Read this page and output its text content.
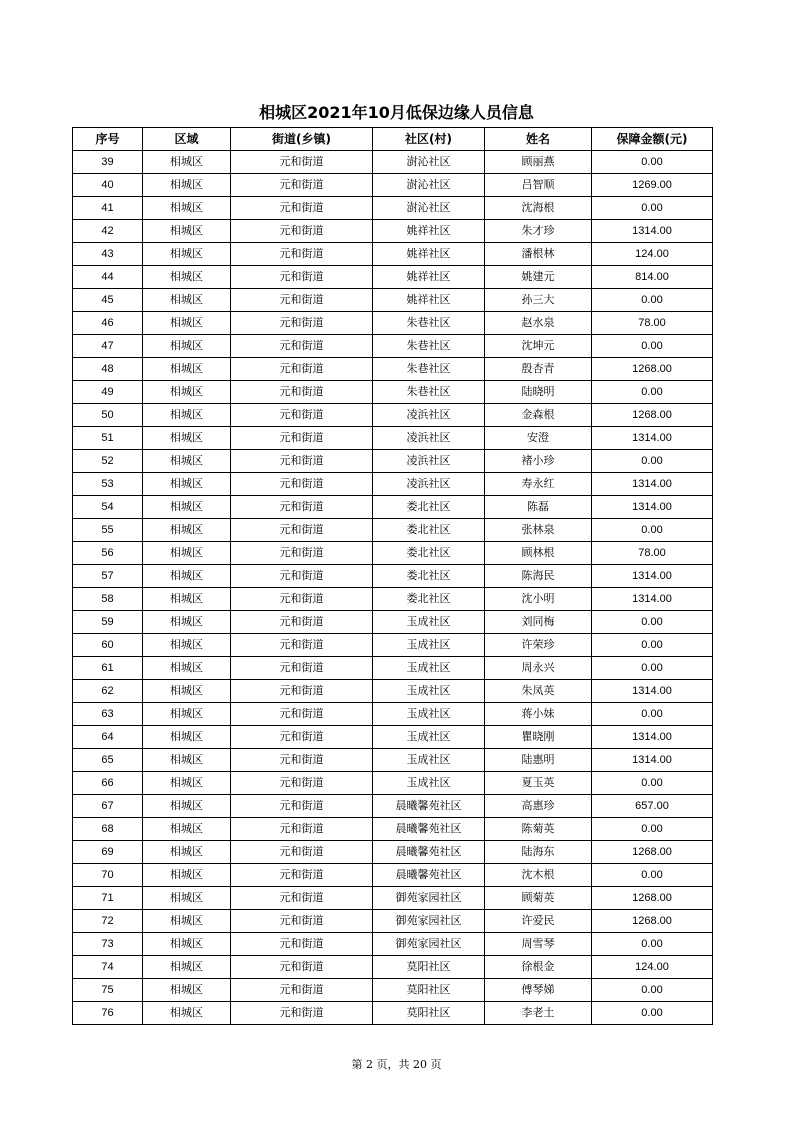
相城区2021年10月低保边缘人员信息
序号	区域	街道(乡镇)	社区(村)	姓名	保障金额(元)
39	相城区	元和街道	澍沁社区	顾丽燕	0.00
40	相城区	元和街道	澍沁社区	吕智顺	1269.00
41	相城区	元和街道	澍沁社区	沈海根	0.00
42	相城区	元和街道	姚祥社区	朱才珍	1314.00
43	相城区	元和街道	姚祥社区	潘根林	124.00
44	相城区	元和街道	姚祥社区	姚建元	814.00
45	相城区	元和街道	姚祥社区	孙三大	0.00
46	相城区	元和街道	朱巷社区	赵水泉	78.00
47	相城区	元和街道	朱巷社区	沈坤元	0.00
48	相城区	元和街道	朱巷社区	殷杏青	1268.00
49	相城区	元和街道	朱巷社区	陆晓明	0.00
50	相城区	元和街道	凌浜社区	金森根	1268.00
51	相城区	元和街道	凌浜社区	安澄	1314.00
52	相城区	元和街道	凌浜社区	褚小珍	0.00
53	相城区	元和街道	凌浜社区	寿永红	1314.00
54	相城区	元和街道	娄北社区	陈磊	1314.00
55	相城区	元和街道	娄北社区	张林泉	0.00
56	相城区	元和街道	娄北社区	顾林根	78.00
57	相城区	元和街道	娄北社区	陈海民	1314.00
58	相城区	元和街道	娄北社区	沈小明	1314.00
59	相城区	元和街道	玉成社区	刘同梅	0.00
60	相城区	元和街道	玉成社区	许荣珍	0.00
61	相城区	元和街道	玉成社区	周永兴	0.00
62	相城区	元和街道	玉成社区	朱凤英	1314.00
63	相城区	元和街道	玉成社区	蒋小妹	0.00
64	相城区	元和街道	玉成社区	瞿晓刚	1314.00
65	相城区	元和街道	玉成社区	陆惠明	1314.00
66	相城区	元和街道	玉成社区	夏玉英	0.00
67	相城区	元和街道	晨曦馨苑社区	高惠珍	657.00
68	相城区	元和街道	晨曦馨苑社区	陈菊英	0.00
69	相城区	元和街道	晨曦馨苑社区	陆海东	1268.00
70	相城区	元和街道	晨曦馨苑社区	沈木根	0.00
71	相城区	元和街道	御苑家园社区	顾菊英	1268.00
72	相城区	元和街道	御苑家园社区	许爱民	1268.00
73	相城区	元和街道	御苑家园社区	周雪琴	0.00
74	相城区	元和街道	莫阳社区	徐根金	124.00
75	相城区	元和街道	莫阳社区	傅琴娣	0.00
76	相城区	元和街道	莫阳社区	李老土	0.00
第 2 页，共 20 页
